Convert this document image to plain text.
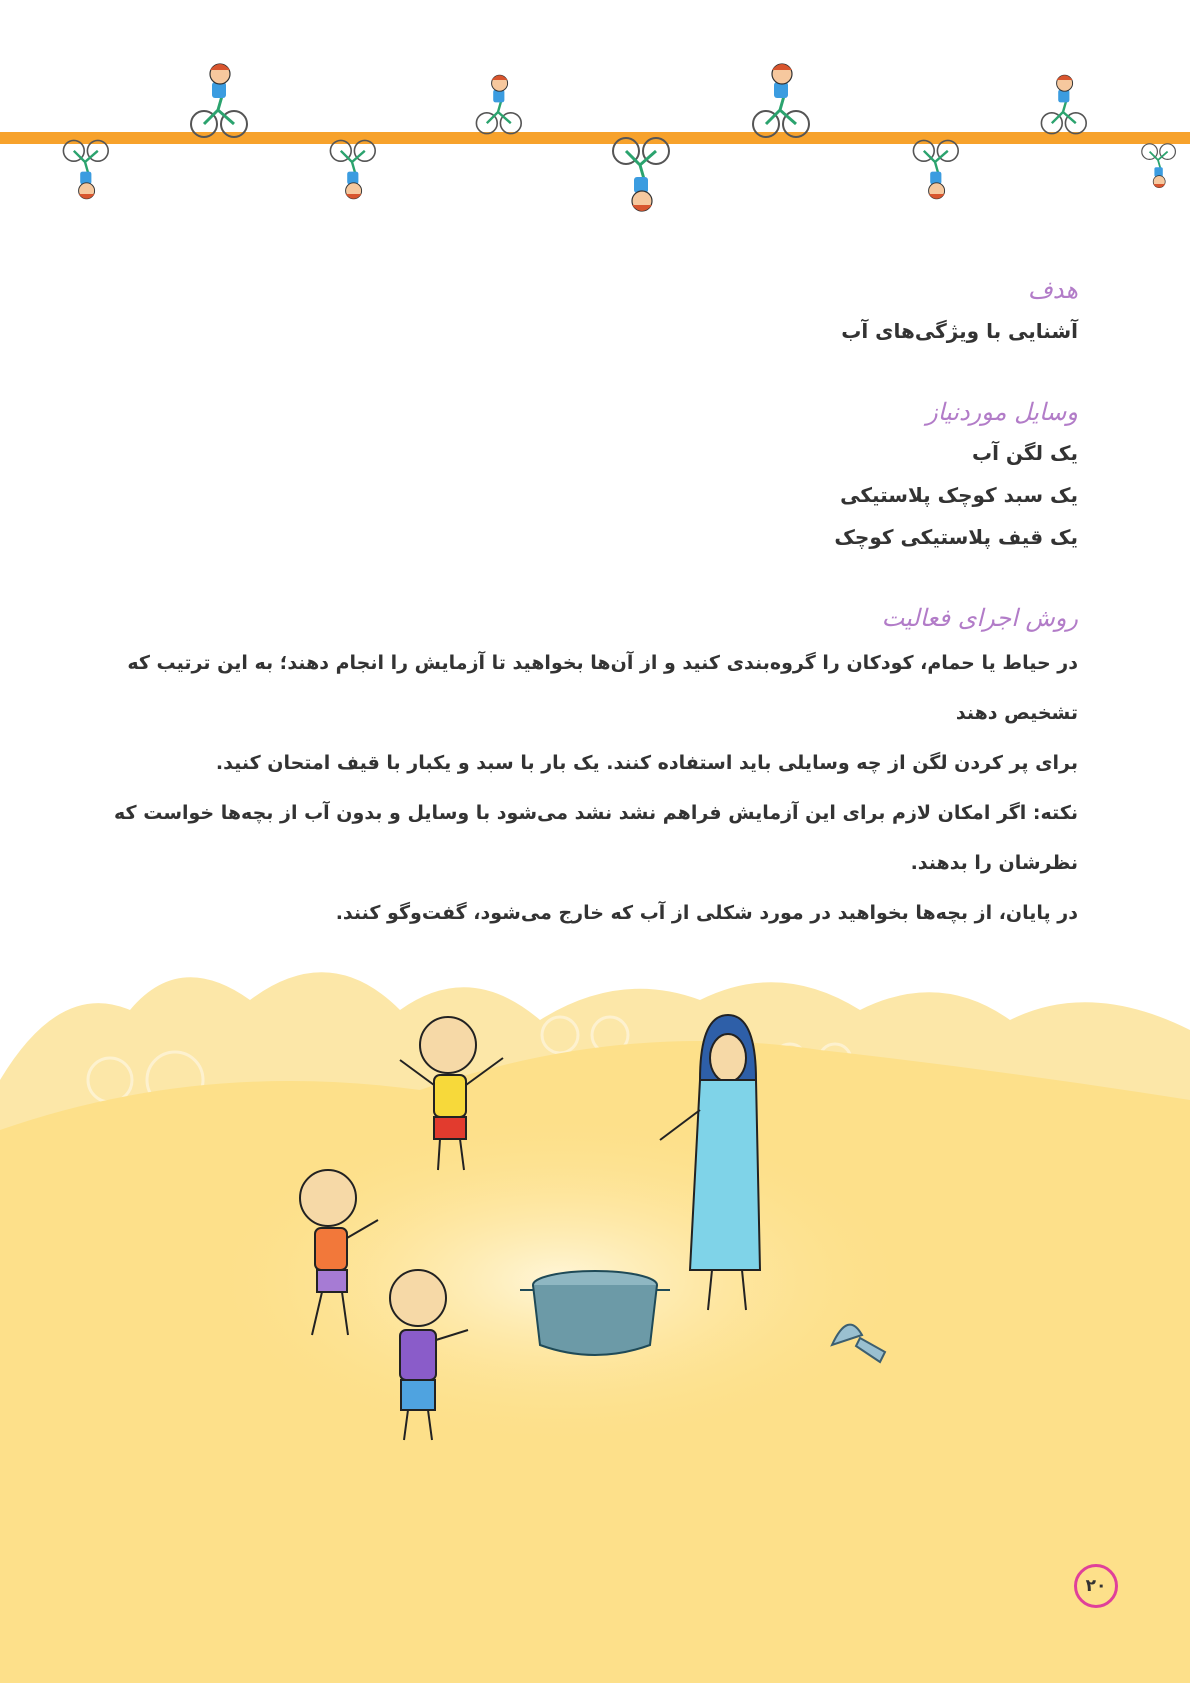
هدف

آشنایی با ویژگی‌های آب

وسایل موردنیاز

یک لگن آب

یک سبد کوچک پلاستیکی

یک قیف پلاستیکی کوچک

روش اجرای فعالیت

در حیاط یا حمام، کودکان را گروه‌بندی کنید و از آن‌ها بخواهید تا آزمایش را انجام دهند؛ به این ترتیب که تشخیص دهند

برای پر کردن لگن از چه وسایلی باید استفاده کنند. یک بار با سبد و یکبار با قیف امتحان کنید.

نکته: اگر امکان لازم برای این آزمایش فراهم نشد نشد می‌شود با وسایل و بدون آب از بچه‌ها خواست که نظرشان را بدهند.

در پایان، از بچه‌ها بخواهید در مورد شکلی از آب که خارج می‌شود، گفت‌وگو کنند.

۲۰
